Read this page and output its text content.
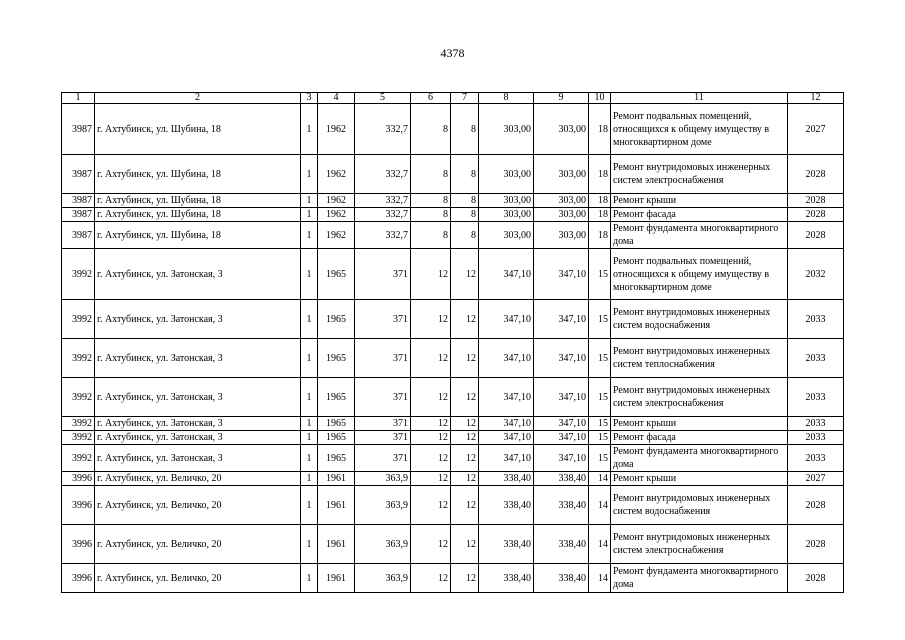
4378
1	2	3	4	5	6	7	8	9	10	11	12
3987	г. Ахтубинск, ул. Шубина, 18	1	1962	332,7	8	8	303,00	303,00	18	Ремонт подвальных помещений, относящихся к общему имуществу в многоквартирном доме	2027
3987	г. Ахтубинск, ул. Шубина, 18	1	1962	332,7	8	8	303,00	303,00	18	Ремонт внутридомовых инженерных систем электроснабжения	2028
3987	г. Ахтубинск, ул. Шубина, 18	1	1962	332,7	8	8	303,00	303,00	18	Ремонт крыши	2028
3987	г. Ахтубинск, ул. Шубина, 18	1	1962	332,7	8	8	303,00	303,00	18	Ремонт фасада	2028
3987	г. Ахтубинск, ул. Шубина, 18	1	1962	332,7	8	8	303,00	303,00	18	Ремонт фундамента многоквартирного дома	2028
3992	г. Ахтубинск, ул. Затонская, 3	1	1965	371	12	12	347,10	347,10	15	Ремонт подвальных помещений, относящихся к общему имуществу в многоквартирном доме	2032
3992	г. Ахтубинск, ул. Затонская, 3	1	1965	371	12	12	347,10	347,10	15	Ремонт внутридомовых инженерных систем водоснабжения	2033
3992	г. Ахтубинск, ул. Затонская, 3	1	1965	371	12	12	347,10	347,10	15	Ремонт внутридомовых инженерных систем теплоснабжения	2033
3992	г. Ахтубинск, ул. Затонская, 3	1	1965	371	12	12	347,10	347,10	15	Ремонт внутридомовых инженерных систем электроснабжения	2033
3992	г. Ахтубинск, ул. Затонская, 3	1	1965	371	12	12	347,10	347,10	15	Ремонт крыши	2033
3992	г. Ахтубинск, ул. Затонская, 3	1	1965	371	12	12	347,10	347,10	15	Ремонт фасада	2033
3992	г. Ахтубинск, ул. Затонская, 3	1	1965	371	12	12	347,10	347,10	15	Ремонт фундамента многоквартирного дома	2033
3996	г. Ахтубинск, ул. Величко, 20	1	1961	363,9	12	12	338,40	338,40	14	Ремонт крыши	2027
3996	г. Ахтубинск, ул. Величко, 20	1	1961	363,9	12	12	338,40	338,40	14	Ремонт внутридомовых инженерных систем водоснабжения	2028
3996	г. Ахтубинск, ул. Величко, 20	1	1961	363,9	12	12	338,40	338,40	14	Ремонт внутридомовых инженерных систем электроснабжения	2028
3996	г. Ахтубинск, ул. Величко, 20	1	1961	363,9	12	12	338,40	338,40	14	Ремонт фундамента многоквартирного дома	2028
